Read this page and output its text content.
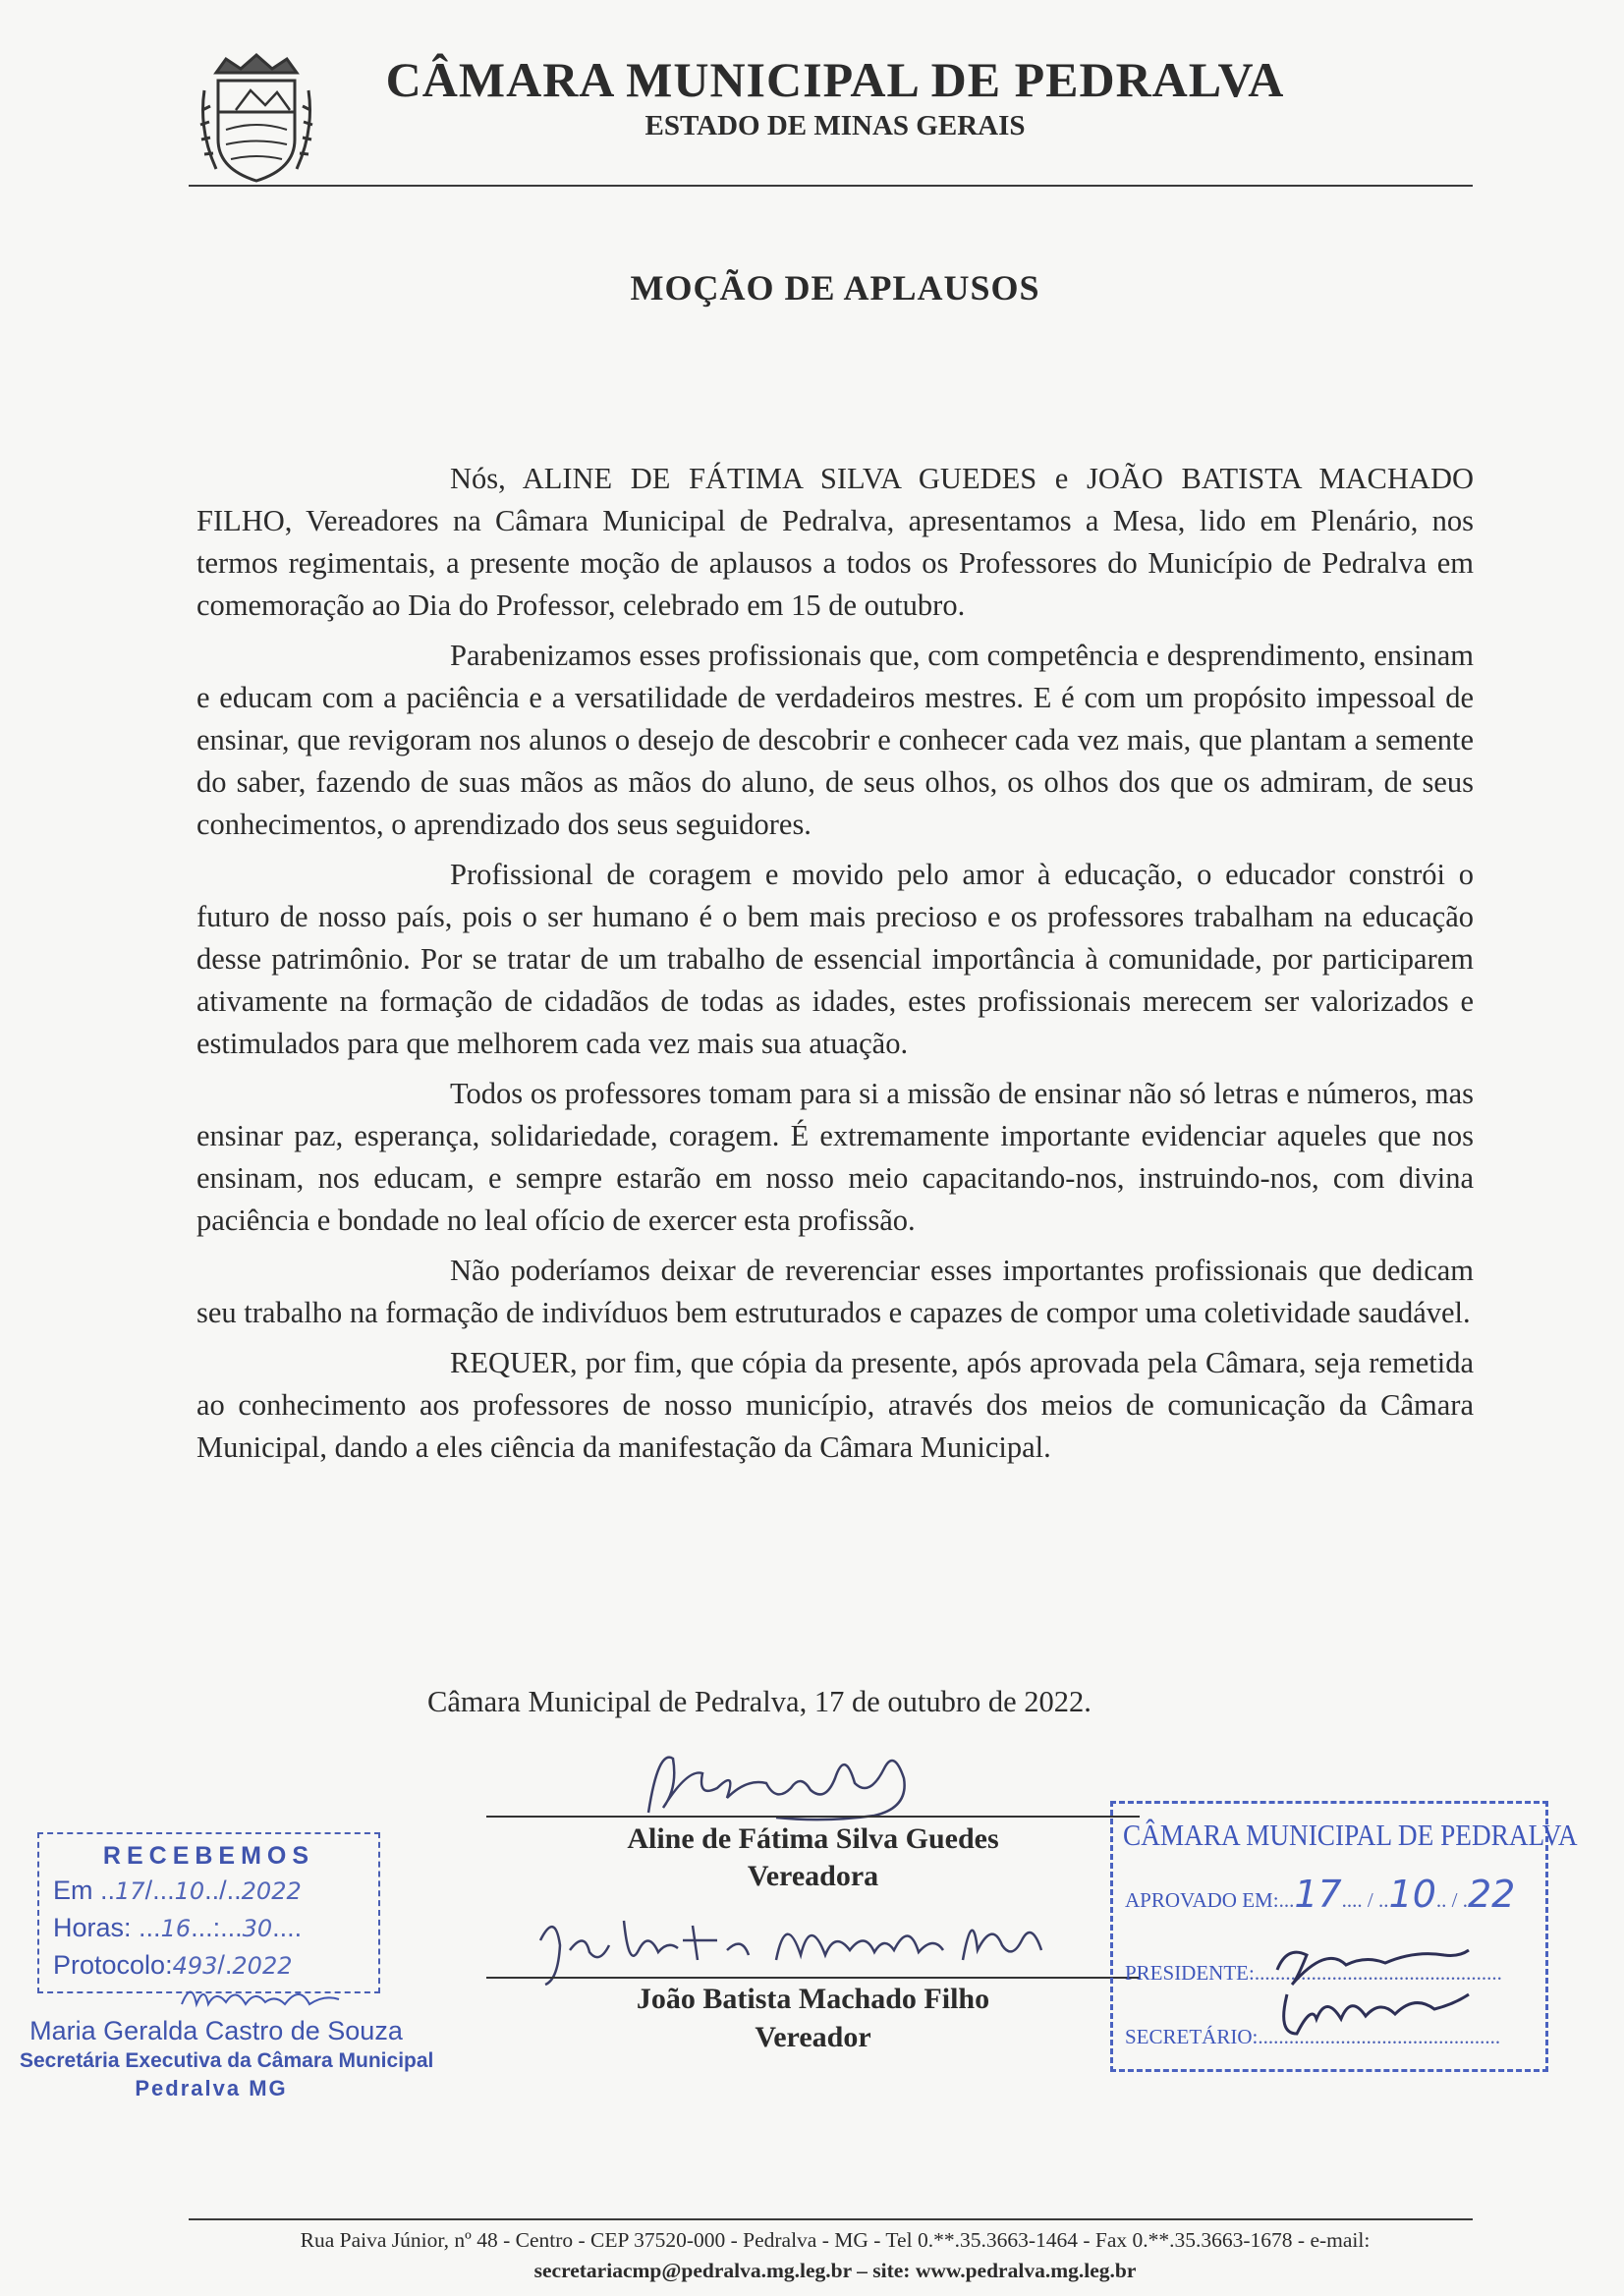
CÂMARA MUNICIPAL DE PEDRALVA
ESTADO DE MINAS GERAIS
MOÇÃO DE APLAUSOS

Nós, ALINE DE FÁTIMA SILVA GUEDES e JOÃO BATISTA MACHADO FILHO, Vereadores na Câmara Municipal de Pedralva, apresentamos a Mesa, lido em Plenário, nos termos regimentais, a presente moção de aplausos a todos os Professores do Município de Pedralva em comemoração ao Dia do Professor, celebrado em 15 de outubro.

Parabenizamos esses profissionais que, com competência e desprendimento, ensinam e educam com a paciência e a versatilidade de verdadeiros mestres. E é com um propósito impessoal de ensinar, que revigoram nos alunos o desejo de descobrir e conhecer cada vez mais, que plantam a semente do saber, fazendo de suas mãos as mãos do aluno, de seus olhos, os olhos dos que os admiram, de seus conhecimentos, o aprendizado dos seus seguidores.

Profissional de coragem e movido pelo amor à educação, o educador constrói o futuro de nosso país, pois o ser humano é o bem mais precioso e os professores trabalham na educação desse patrimônio. Por se tratar de um trabalho de essencial importância à comunidade, por participarem ativamente na formação de cidadãos de todas as idades, estes profissionais merecem ser valorizados e estimulados para que melhorem cada vez mais sua atuação.

Todos os professores tomam para si a missão de ensinar não só letras e números, mas ensinar paz, esperança, solidariedade, coragem. É extremamente importante evidenciar aqueles que nos ensinam, nos educam, e sempre estarão em nosso meio capacitando-nos, instruindo-nos, com divina paciência e bondade no leal ofício de exercer esta profissão.

Não poderíamos deixar de reverenciar esses importantes profissionais que dedicam seu trabalho na formação de indivíduos bem estruturados e capazes de compor uma coletividade saudável.

REQUER, por fim, que cópia da presente, após aprovada pela Câmara, seja remetida ao conhecimento aos professores de nosso município, através dos meios de comunicação da Câmara Municipal, dando a eles ciência da manifestação da Câmara Municipal.

Câmara Municipal de Pedralva, 17 de outubro de 2022.
Aline de Fátima Silva Guedes
Vereadora
João Batista Machado Filho
Vereador
RECEBEMOS
Em ..17/...10../..2022
Horas: ...16...:...30....
Protocolo:493/.2022
Maria Geralda Castro de Souza
Secretária Executiva da Câmara Municipal
Pedralva MG
CÂMARA MUNICIPAL DE PEDRALVA
APROVADO EM:...17.... / ..10.. / .22
PRESIDENTE:................................................
SECRETÁRIO:...............................................
Rua Paiva Júnior, nº 48 - Centro - CEP 37520-000 - Pedralva - MG - Tel 0.**.35.3663-1464 - Fax 0.**.35.3663-1678 - e-mail:
secretariacmp@pedralva.mg.leg.br – site: www.pedralva.mg.leg.br
